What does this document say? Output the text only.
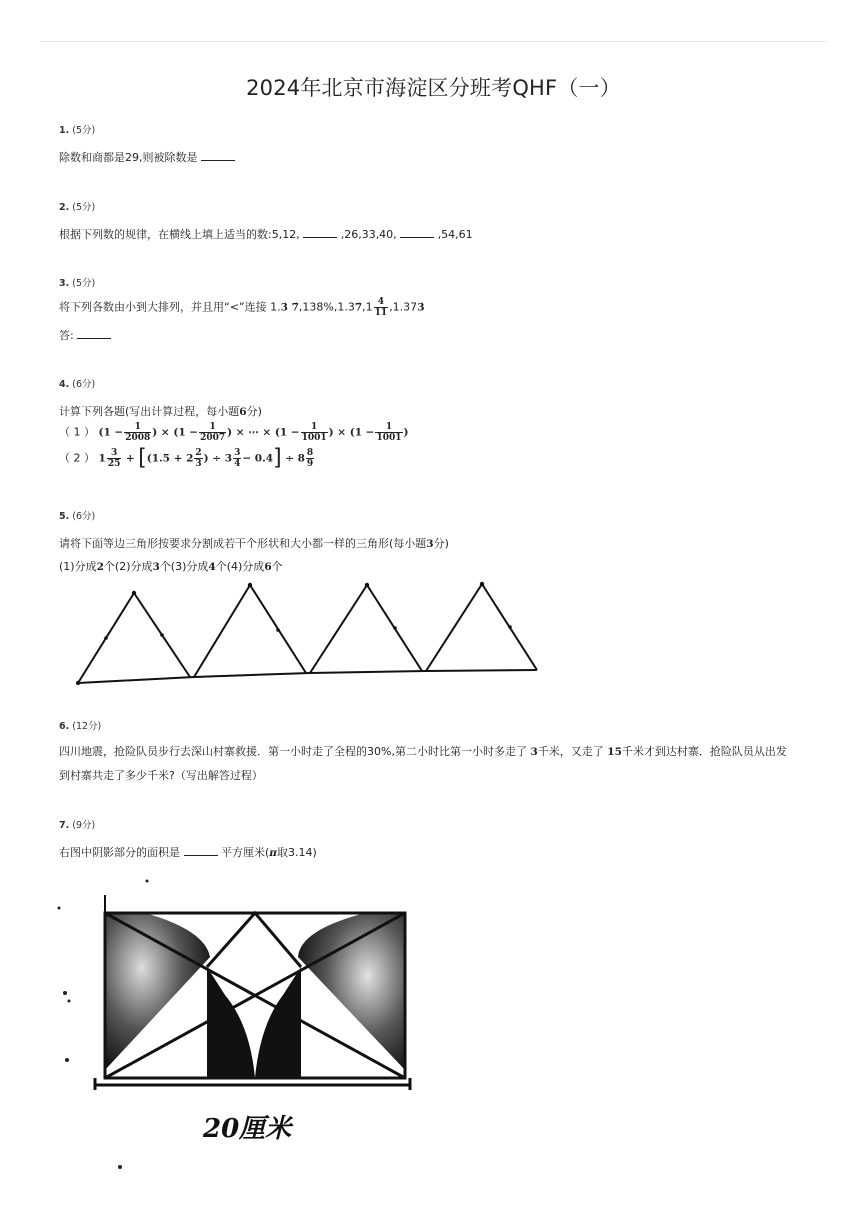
2024年北京市海淀区分班考QHF（一）
1. (5分)
除数和商都是29,则被除数是
2. (5分)
根据下列数的规律，在横线上填上适当的数:5,12,	,26,33,40,	,54,61
3. (5分)
将下列各数由小到大排列，并且用“<”连接 1.3̇ 7̇,138%,1.37̇,1 $\frac{4}{11}$ ,1.373̇
答:
4. (6分)
计算下列各题(写出计算过程，每小题6分)
（ 1 ） ($1 - \frac{1}{2008}$ ) × ($1 - \frac{1}{2007}$ ) × ⋯ × ($1 - \frac{1}{1001}$ ) × ($1 - \frac{1}{1001}$ )
（ 2 ） $1 \frac{3}{25} + [(1.5 + 2 \frac{2}{3}$ ) ÷ $3 \frac{3}{4} - 0.4] \div 8 \frac{8}{9}$
5. (6分)
请将下面等边三角形按要求分割成若干个形状和大小都一样的三角形(每小题3分)
(1)分成2个(2)分成3个(3)分成4个(4)分成6个
6. (12分)
四川地震，抢险队员步行去深山村寨救援．第一小时走了全程的30%,第二小时比第一小时多走了 3千米，又走了 15千米才到达村寨．抢险队员从出发
到村寨共走了多少千米?（写出解答过程）
7. (9分)
右图中阴影部分的面积是	平方厘米(π取3.14)
20厘米
